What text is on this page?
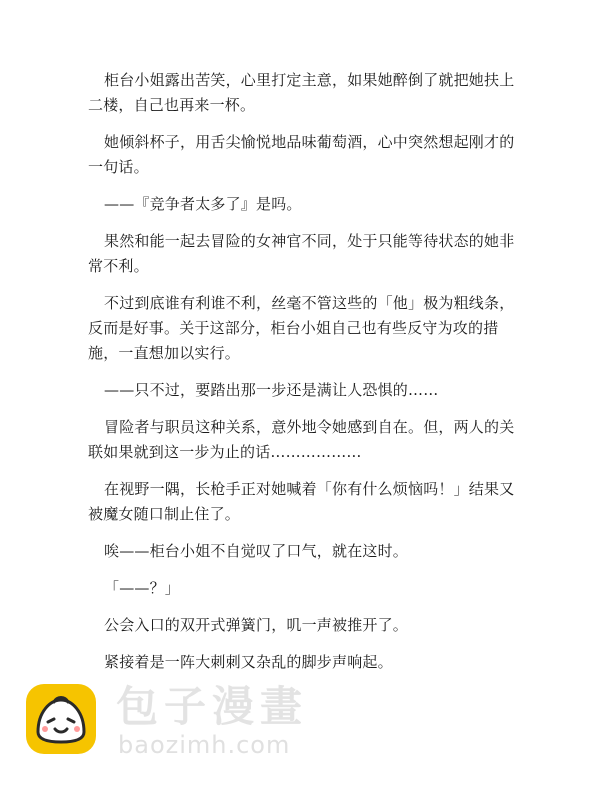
柜台小姐露出苦笑，心里打定主意，如果她醉倒了就把她扶上二楼，自己也再来一杯。

她倾斜杯子，用舌尖愉悦地品味葡萄酒，心中突然想起刚才的一句话。

——『竞争者太多了』是吗。

果然和能一起去冒险的女神官不同，处于只能等待状态的她非常不利。

不过到底谁有利谁不利，丝毫不管这些的「他」极为粗线条，反而是好事。关于这部分，柜台小姐自己也有些反守为攻的措施，一直想加以实行。

——只不过，要踏出那一步还是满让人恐惧的……

冒险者与职员这种关系，意外地令她感到自在。但，两人的关联如果就到这一步为止的话………………

在视野一隅，长枪手正对她喊着「你有什么烦恼吗！」结果又被魔女随口制止住了。

唉——柜台小姐不自觉叹了口气，就在这时。

「——？」

公会入口的双开式弹簧门，叽一声被推开了。

紧接着是一阵大刺刺又杂乱的脚步声响起。

包子漫畫
baozimh.com
